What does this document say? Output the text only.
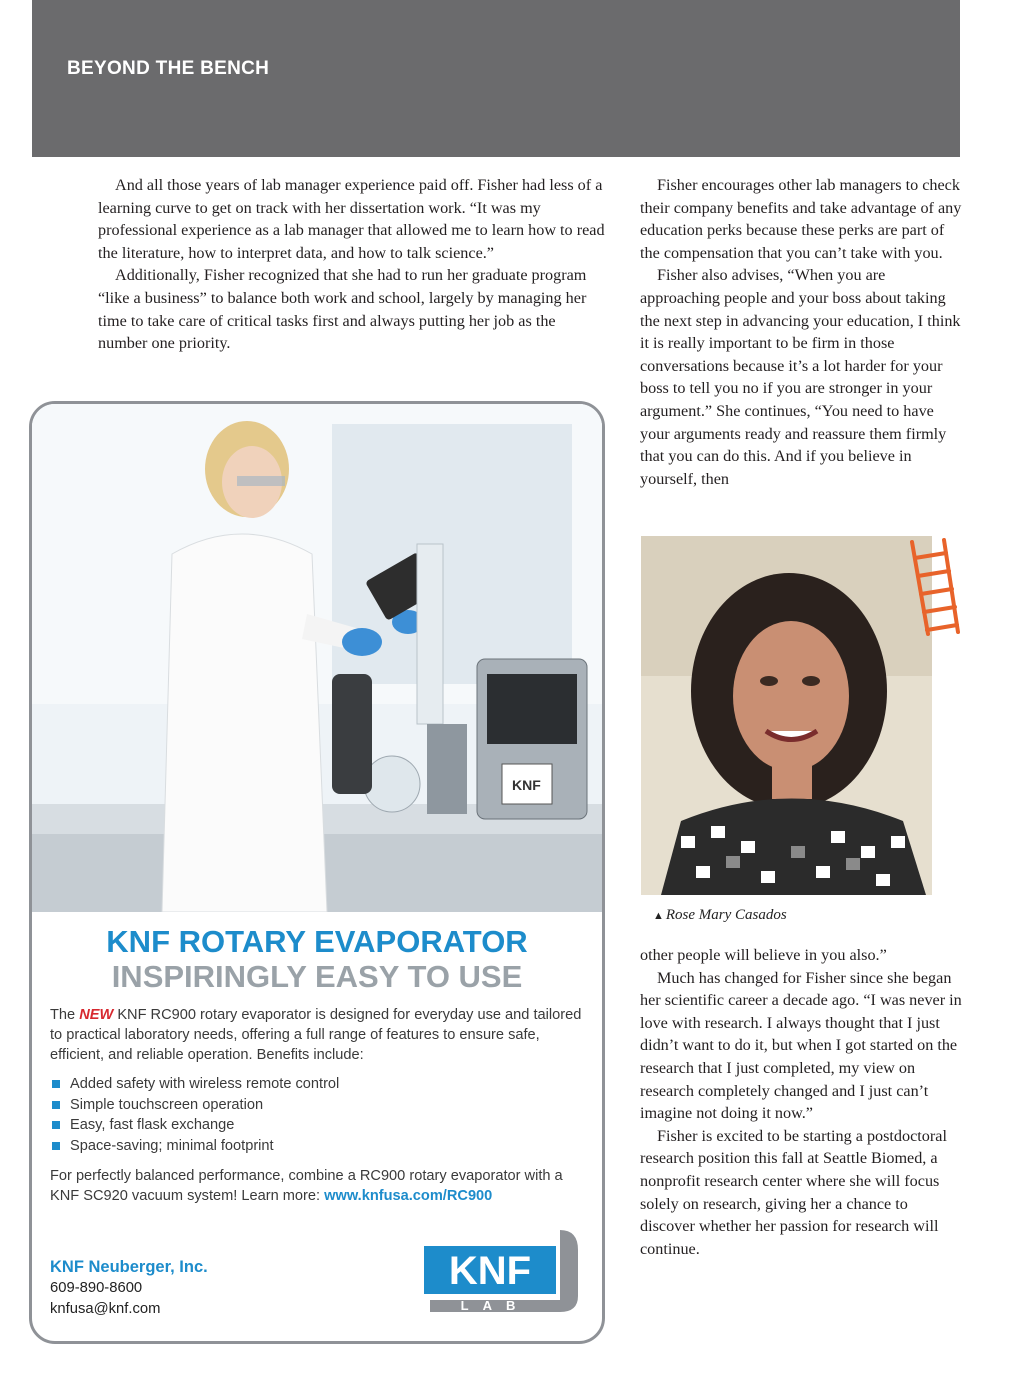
BEYOND THE BENCH

And all those years of lab manager experience paid off. Fisher had less of a learning curve to get on track with her dissertation work. “It was my professional experience as a lab manager that allowed me to learn how to read the literature, how to interpret data, and how to talk science.”

Additionally, Fisher recognized that she had to run her graduate program “like a business” to balance both work and school, largely by managing her time to take care of critical tasks first and always putting her job as the number one priority.

Fisher encourages other lab managers to check their company benefits and take advantage of any education perks because these perks are part of the compensation that you can’t take with you.

Fisher also advises, “When you are approaching people and your boss about taking the next step in advancing your education, I think it is really important to be firm in those conversations because it’s a lot harder for your boss to tell you no if you are stronger in your argument.” She continues, “You need to have your arguments ready and reassure them firmly that you can do this. And if you believe in yourself, then

▲ Rose Mary Casados

other people will believe in you also.”

Much has changed for Fisher since she began her scientific career a decade ago. “I was never in love with research. I always thought that I just didn’t want to do it, but when I got started on the research that I just completed, my view on research completely changed and I just can’t imagine not doing it now.”

Fisher is excited to be starting a postdoctoral research position this fall at Seattle Biomed, a nonprofit research center where she will focus solely on research, giving her a chance to discover whether her passion for research will continue.

KNF
KNF ROTARY EVAPORATOR
INSPIRINGLY EASY TO USE
The NEW KNF RC900 rotary evaporator is designed for everyday use and tailored to practical laboratory needs, offering a full range of features to ensure safe, efficient, and reliable operation. Benefits include:
Added safety with wireless remote control
Simple touchscreen operation
Easy, fast flask exchange
Space-saving; minimal footprint
For perfectly balanced performance, combine a RC900 rotary evaporator with a KNF SC920 vacuum system! Learn more: www.knfusa.com/RC900
KNF Neuberger, Inc.
609-890-8600
knfusa@knf.com
KNF
LAB
